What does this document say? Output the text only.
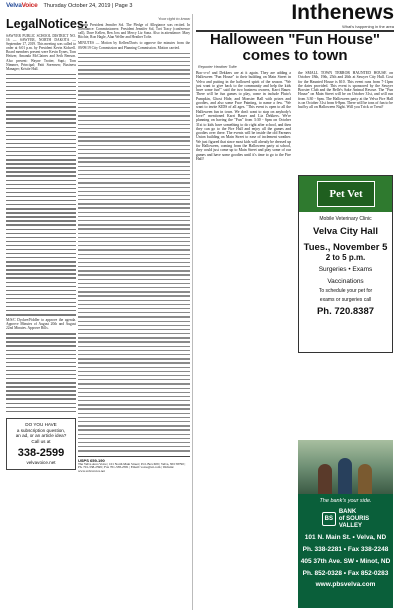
VelvaVoice Thursday October 24, 2019 | Page 3
LegalNotices:
SAWYER PUBLIC SCHOOL DISTRICT NO. 16 — SAWYER, NORTH DAKOTA — September 17, 2019. This meeting was called to order at 6:01 p.m. by President Kevin Kidwell. Board members present were Kevin Eynes, Tom Heitzer, Amanda McClaines and Seth Benson. Also present: Wayne Trotter, Supt.; Tom Nimmer, Principal; Patti Sorensen; Business Manager; Kristie Hall.
M/S/C Dyckee/Fiddler to approve the agenda. Approve Minutes of August 20th and August 22nd Minutes. Approve Bills.
DO YOU HAVE
a subscription question,
an ad, or an article idea?
Call us at
338-2599
velvavoice.net
Your right to know
Adams President Jennifer Sol. The Pledge of Allegiance was recited. In attendance: Commissioners: President Jennifer Sol, Tori Tracy (conference call), Dave Kellen, Ben Joss and Mercy Liz Sona. Also in attendance: Mary Ritchie, Ron Hagle, Alan Weller and Heather Tofte.
MINUTES — Motion by Kellen/Davis to approve the minutes from the 09/09/19 City Commission and Planning Commission. Motion carried.
USPS 659-190
The Velva Area Voice | 101 North Main Street | P.O. Box 609 | Velva, ND 58790 | Ph. 701-338-2599 | Fax 701-338-2581 | Email: voice@srt.com | Website: www.velvavoice.net
Inthenews
What's happening in the area
Halloween "Fun House" comes to town
Reporter Heather Tofte
Boo-o-o! and Dekkers are at it again. They are adding a Halloween "Fun House" to their building on Main Street in Velva and putting in the hallowed spirit of the season. "We just want to give back to the community and help the kids have some fun!" said the two business owners, Karri Bauer. There will be fun games to play, come in include Pluto's Pumpkin, Ghost Hide, and Monster Ball with prizes and goodies, and also some Face Painting, to name a few. "We want to invite KIDS of all ages. "This event is open to all the Halloween fun in town. We don't want to stop on anybody's love!" mentioned Karri Bauer and Liz Dekkers. We're planning on having the "Fun" from 3:30 - 6pm on October 31st to kids have something to do right after school, and then they can go to the Fire Hall and enjoy all the games and goodies over there. The events will be inside the old Farmers Union building on Main Street to ease of inclement weather. We just figured that since most kids will already be dressed up for Halloween, coming from the Halloween party at school, they could just come up to Main Street and play some of our games and have some goodies until it's time to go to the Fire Hall!
the SMALL TOWN TERROR HAUNTED HOUSE on October 18th, 19th, 25th and 26th at Sawyer City Hall. Cost for the Haunted House is $10. This event runs from 7-11pm the dates provided. This event is sponsored by the Sawyer Booster Club and the Belle's Sake Animal Rescue. The "Fun House" on Main Street will be on October 31st, and will run from 3:30 - 6pm. The Halloween party at the Velva Fire Hall is on October 31st from 6-8pm. There will be tons of fun to be had by all on Halloween Night. Will you Trick or Treat?
Pet Vet
Mobile Veterinary Clinic
Velva City Hall
Tues., November 5
2 to 5 p.m.
Surgeries • Exams
Vaccinations
To schedule your pet for
exams or surgeries call
Ph. 720.8387
The bank's your side.
BS
BANK
of SOURIS
VALLEY
101 N. Main St. • Velva, ND
Ph. 338-2281 • Fax 338-2248
405 37th Ave. SW • Minot, ND
Ph. 852-0328 • Fax 852-0283
www.pbsvelva.com
